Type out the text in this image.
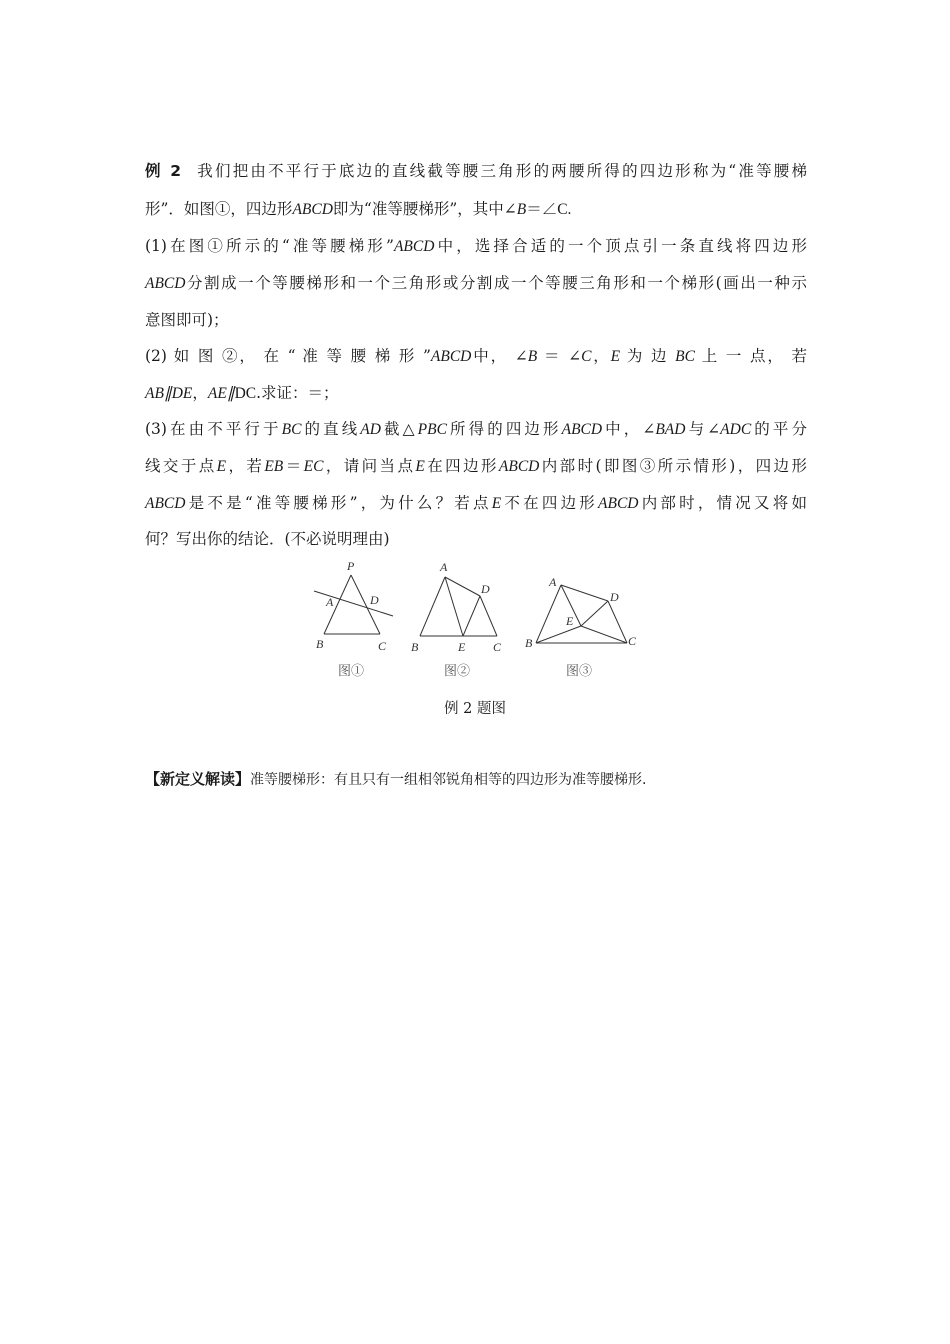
例 2 我们把由不平行于底边的直线截等腰三角形的两腰所得的四边形称为“准等腰梯
形”．如图①，四边形ABCD即为“准等腰梯形”，其中∠B＝∠C.
(1)在图①所示的“准等腰梯形”ABCD中，选择合适的一个顶点引一条直线将四边形
ABCD分割成一个等腰梯形和一个三角形或分割成一个等腰三角形和一个梯形(画出一种示
意图即可)；
(2) 如 图 ②， 在 “ 准 等 腰 梯 形 ”ABCD中， ∠B ＝ ∠C，E 为 边 BC 上 一 点， 若
AB∥DE，AE∥DC.求证：＝；
(3)在由不平行于BC的直线AD截△PBC所得的四边形ABCD中，∠BAD与∠ADC的平分
线交于点E，若EB＝EC，请问当点E在四边形ABCD内部时(即图③所示情形)，四边形
ABCD是不是“准等腰梯形”，为什么？若点E不在四边形ABCD内部时，情况又将如
何？写出你的结论．(不必说明理由)
P
A	D
B	C
A
D
B	E C
A
D
E
B	C
图①	图②	图③
例 2 题图
【新定义解读】准等腰梯形：有且只有一组相邻锐角相等的四边形为准等腰梯形.
